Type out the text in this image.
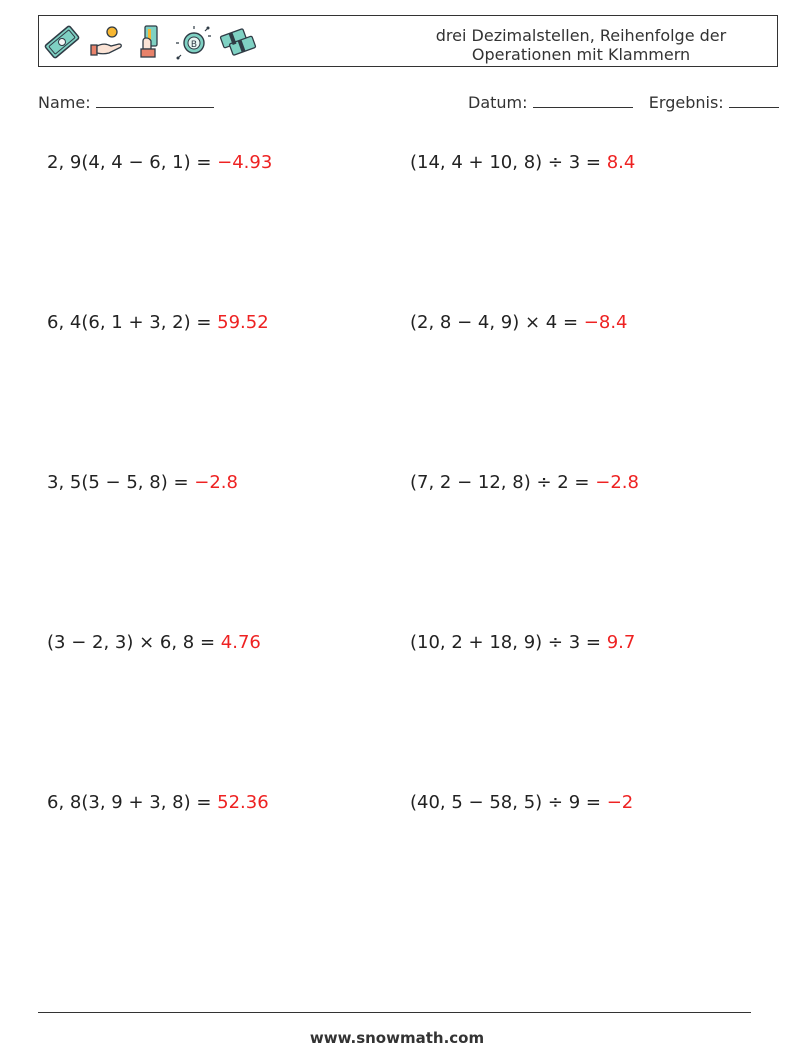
B	drei Dezimalstellen, Reihenfolge der
Operationen mit Klammern
Name:	Datum:	Ergebnis:
2, 9(4, 4 − 6, 1) = −4.93	(14, 4 + 10, 8) ÷ 3 = 8.4
6, 4(6, 1 + 3, 2) = 59.52	(2, 8 − 4, 9) × 4 = −8.4
3, 5(5 − 5, 8) = −2.8	(7, 2 − 12, 8) ÷ 2 = −2.8
(3 − 2, 3) × 6, 8 = 4.76	(10, 2 + 18, 9) ÷ 3 = 9.7
6, 8(3, 9 + 3, 8) = 52.36	(40, 5 − 58, 5) ÷ 9 = −2
www.snowmath.com
